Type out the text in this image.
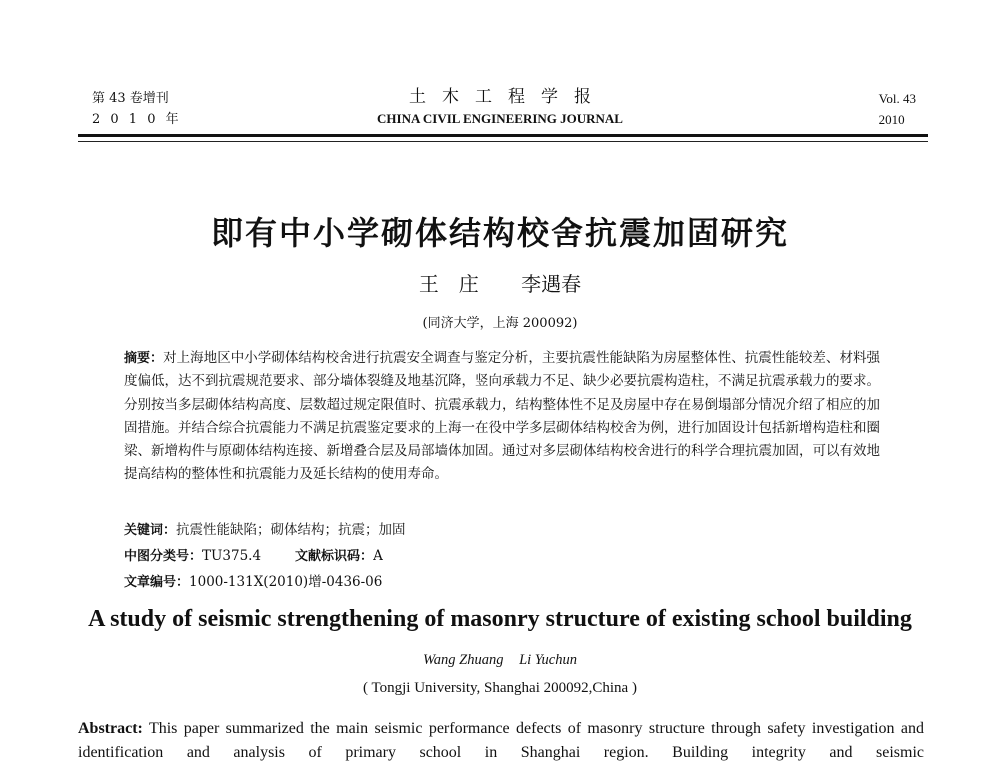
第 43 卷增刊
2 0 1 0 年
土木工程学报
CHINA CIVIL ENGINEERING JOURNAL
Vol. 43
2010
即有中小学砌体结构校舍抗震加固研究
王　庄 李遇春
(同济大学，上海 200092)
摘要：对上海地区中小学砌体结构校舍进行抗震安全调查与鉴定分析，主要抗震性能缺陷为房屋整体性、抗震性能较差、材料强度偏低，达不到抗震规范要求、部分墙体裂缝及地基沉降，竖向承载力不足、缺少必要抗震构造柱，不满足抗震承载力的要求。分别按当多层砌体结构高度、层数超过规定限值时、抗震承载力，结构整体性不足及房屋中存在易倒塌部分情况介绍了相应的加固措施。并结合综合抗震能力不满足抗震鉴定要求的上海一在役中学多层砌体结构校舍为例，进行加固设计包括新增构造柱和圈梁、新增构件与原砌体结构连接、新增叠合层及局部墙体加固。通过对多层砌体结构校舍进行的科学合理抗震加固，可以有效地提高结构的整体性和抗震能力及延长结构的使用寿命。
关键词：抗震性能缺陷；砌体结构；抗震；加固
中图分类号：TU375.4	文献标识码：A
文章编号：1000-131X(2010)增-0436-06
A study of seismic strengthening of masonry structure of existing school building
Wang Zhuang Li Yuchun
( Tongji University, Shanghai 200092,China )
Abstract: This paper summarized the main seismic performance defects of masonry structure through safety investigation and identification and analysis of primary school in Shanghai region. Building integrity and seismic
